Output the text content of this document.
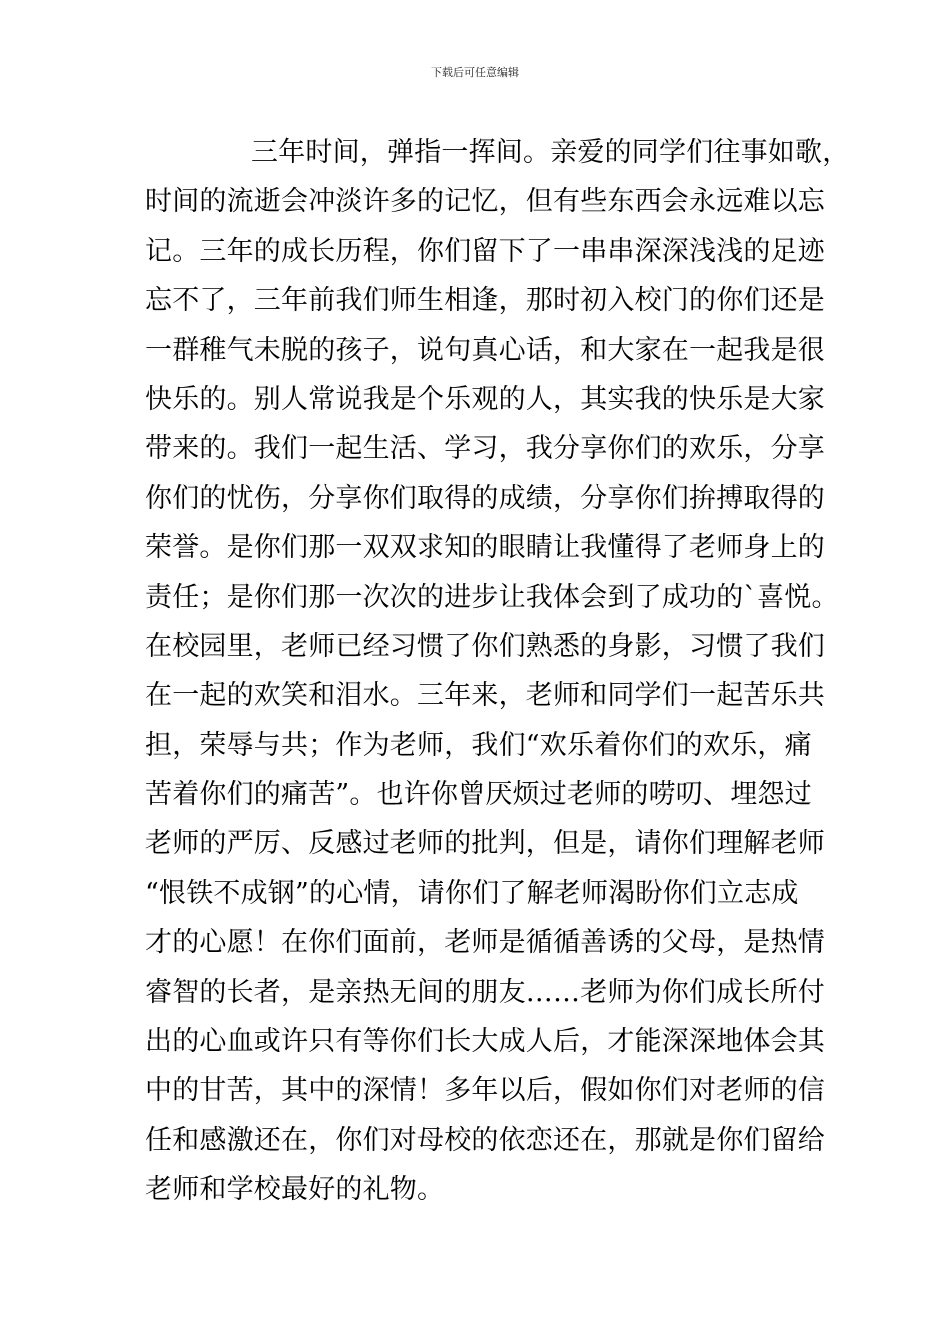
下载后可任意编辑
三年时间，弹指一挥间。亲爱的同学们往事如歌，
时间的流逝会冲淡许多的记忆，但有些东西会永远难以忘
记。三年的成长历程，你们留下了一串串深深浅浅的足迹
忘不了，三年前我们师生相逢，那时初入校门的你们还是
一群稚气未脱的孩子，说句真心话，和大家在一起我是很
快乐的。别人常说我是个乐观的人，其实我的快乐是大家
带来的。我们一起生活、学习，我分享你们的欢乐，分享
你们的忧伤，分享你们取得的成绩，分享你们拚搏取得的
荣誉。是你们那一双双求知的眼睛让我懂得了老师身上的
责任；是你们那一次次的进步让我体会到了成功的`喜悦。
在校园里，老师已经习惯了你们熟悉的身影，习惯了我们
在一起的欢笑和泪水。三年来，老师和同学们一起苦乐共
担，荣辱与共；作为老师，我们“欢乐着你们的欢乐，痛
苦着你们的痛苦”。也许你曾厌烦过老师的唠叨、埋怨过
老师的严厉、反感过老师的批判，但是，请你们理解老师
“恨铁不成钢”的心情，请你们了解老师渴盼你们立志成
才的心愿！在你们面前，老师是循循善诱的父母，是热情
睿智的长者，是亲热无间的朋友……老师为你们成长所付
出的心血或许只有等你们长大成人后，才能深深地体会其
中的甘苦，其中的深情！多年以后，假如你们对老师的信
任和感激还在，你们对母校的依恋还在，那就是你们留给
老师和学校最好的礼物。
